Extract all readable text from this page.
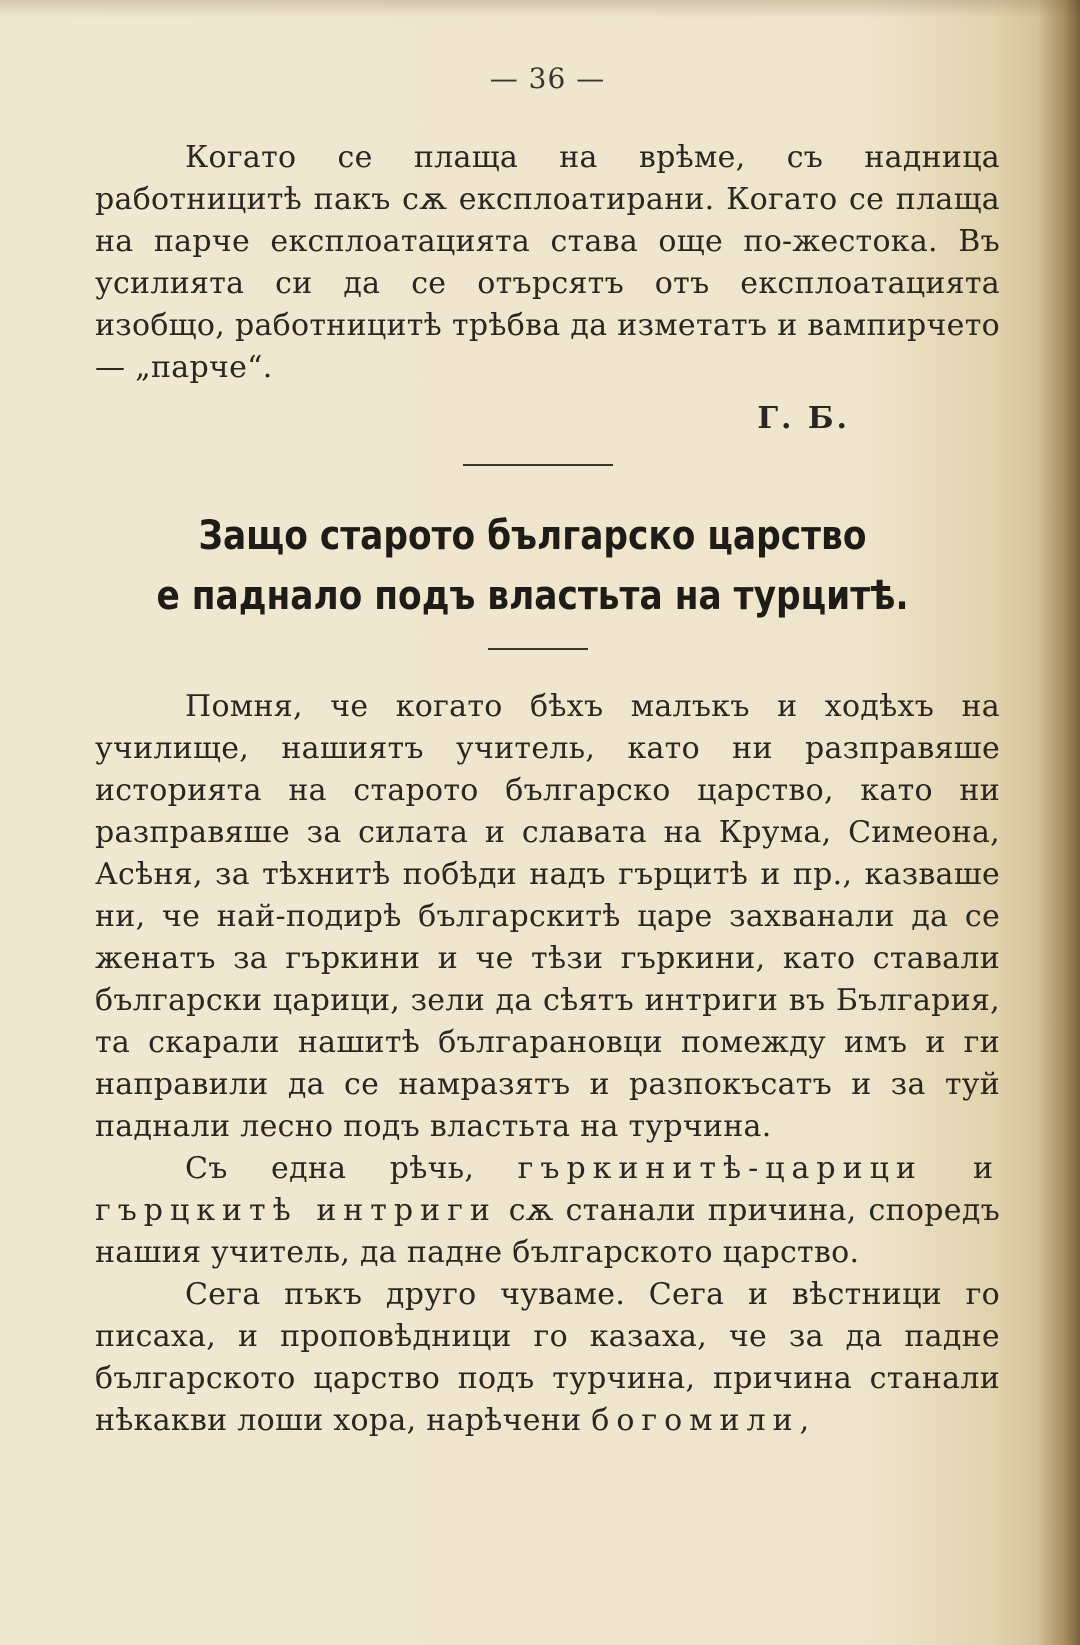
— 36 —

Когато се плаща на врѣме, съ надница работницитѣ пакъ сѫ експлоатирани. Когато се плаща на парче експлоатацията става още по-жестока. Въ усилията си да се отърсятъ отъ експлоатацията изобщо, работницитѣ трѣбва да изметатъ и вампирчето — „парче“.

Г. Б.
Защо старото българско царство
е паднало подъ властьта на турцитѣ.

Помня, че когато бѣхъ малъкъ и ходѣхъ на училище, нашиятъ учитель, като ни разправяше историята на старото българско царство, като ни разправяше за силата и славата на Крума, Симеона, Асѣня, за тѣхнитѣ побѣди надъ гърцитѣ и пр., казваше ни, че най-подирѣ българскитѣ царе захванали да се женатъ за гъркини и че тѣзи гъркини, като ставали български царици, зели да сѣятъ интриги въ България, та скарали нашитѣ българановци помежду имъ и ги направили да се намразятъ и разпокъсатъ и за туй паднали лесно подъ властьта на турчина.

Съ една рѣчь, гъркинитѣ-царици и гърцкитѣ интриги сѫ станали причина, споредъ нашия учитель, да падне българското царство.

Сега пъкъ друго чуваме. Сега и вѣстници го писаха, и проповѣдници го казаха, че за да падне българското царство подъ турчина, причина станали нѣкакви лоши хора, нарѣчени богомили,
